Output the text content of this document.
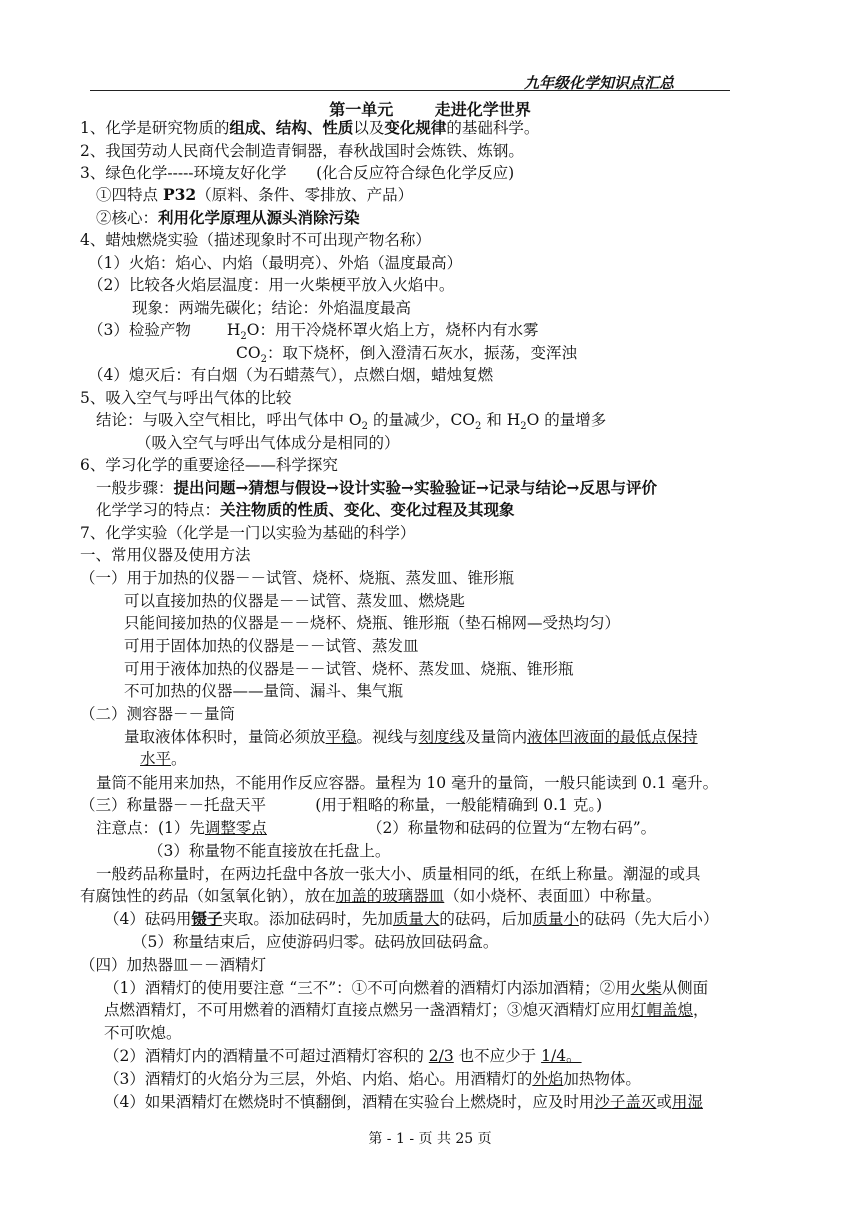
九年级化学知识点汇总
第一单元	走进化学世界
1、化学是研究物质的组成、结构、性质以及变化规律的基础科学。
2、我国劳动人民商代会制造青铜器，春秋战国时会炼铁、炼钢。
3、绿色化学-----环境友好化学      (化合反应符合绿色化学反应)
①四特点 P32（原料、条件、零排放、产品）
②核心：利用化学原理从源头消除污染
4、蜡烛燃烧实验（描述现象时不可出现产物名称）
（1）火焰：焰心、内焰（最明亮）、外焰（温度最高）
（2）比较各火焰层温度：用一火柴梗平放入火焰中。
现象：两端先碳化；结论：外焰温度最高
（3）检验产物 $H_2O$：用干冷烧杯罩火焰上方，烧杯内有水雾
$CO_2$：取下烧杯，倒入澄清石灰水，振荡，变浑浊
（4）熄灭后：有白烟（为石蜡蒸气），点燃白烟，蜡烛复燃
5、吸入空气与呼出气体的比较
结论：与吸入空气相比，呼出气体中 $O_2$ 的量减少，$CO_2$ 和 $H_2O$ 的量增多
（吸入空气与呼出气体成分是相同的）
6、学习化学的重要途径——科学探究
一般步骤：提出问题→猜想与假设→设计实验→实验验证→记录与结论→反思与评价
化学学习的特点：关注物质的性质、变化、变化过程及其现象
7、化学实验（化学是一门以实验为基础的科学）
一、常用仪器及使用方法
（一）用于加热的仪器－－试管、烧杯、烧瓶、蒸发皿、锥形瓶
可以直接加热的仪器是－－试管、蒸发皿、燃烧匙
只能间接加热的仪器是－－烧杯、烧瓶、锥形瓶（垫石棉网—受热均匀）
可用于固体加热的仪器是－－试管、蒸发皿
可用于液体加热的仪器是－－试管、烧杯、蒸发皿、烧瓶、锥形瓶
不可加热的仪器——量筒、漏斗、集气瓶
（二）测容器－－量筒
量取液体体积时，量筒必须放平稳。视线与刻度线及量筒内液体凹液面的最低点保持
水平。
量筒不能用来加热，不能用作反应容器。量程为 10 毫升的量筒，一般只能读到 0.1 毫升。
（三）称量器－－托盘天平          (用于粗略的称量，一般能精确到 0.1 克。)
注意点：(1）先调整零点	（2）称量物和砝码的位置为“左物右码”。
（3）称量物不能直接放在托盘上。
一般药品称量时，在两边托盘中各放一张大小、质量相同的纸，在纸上称量。潮湿的或具
有腐蚀性的药品（如氢氧化钠），放在加盖的玻璃器皿（如小烧杯、表面皿）中称量。
（4）砝码用镊子夹取。添加砝码时，先加质量大的砝码，后加质量小的砝码（先大后小）
（5）称量结束后，应使游码归零。砝码放回砝码盒。
（四）加热器皿－－酒精灯
（1）酒精灯的使用要注意 “三不”：①不可向燃着的酒精灯内添加酒精；②用火柴从侧面
点燃酒精灯，不可用燃着的酒精灯直接点燃另一盏酒精灯；③熄灭酒精灯应用灯帽盖熄，
不可吹熄。
（2）酒精灯内的酒精量不可超过酒精灯容积的 2/3 也不应少于 1/4。
（3）酒精灯的火焰分为三层，外焰、内焰、焰心。用酒精灯的外焰加热物体。
（4）如果酒精灯在燃烧时不慎翻倒，酒精在实验台上燃烧时，应及时用沙子盖灭或用湿
第 - 1 - 页 共 25 页
